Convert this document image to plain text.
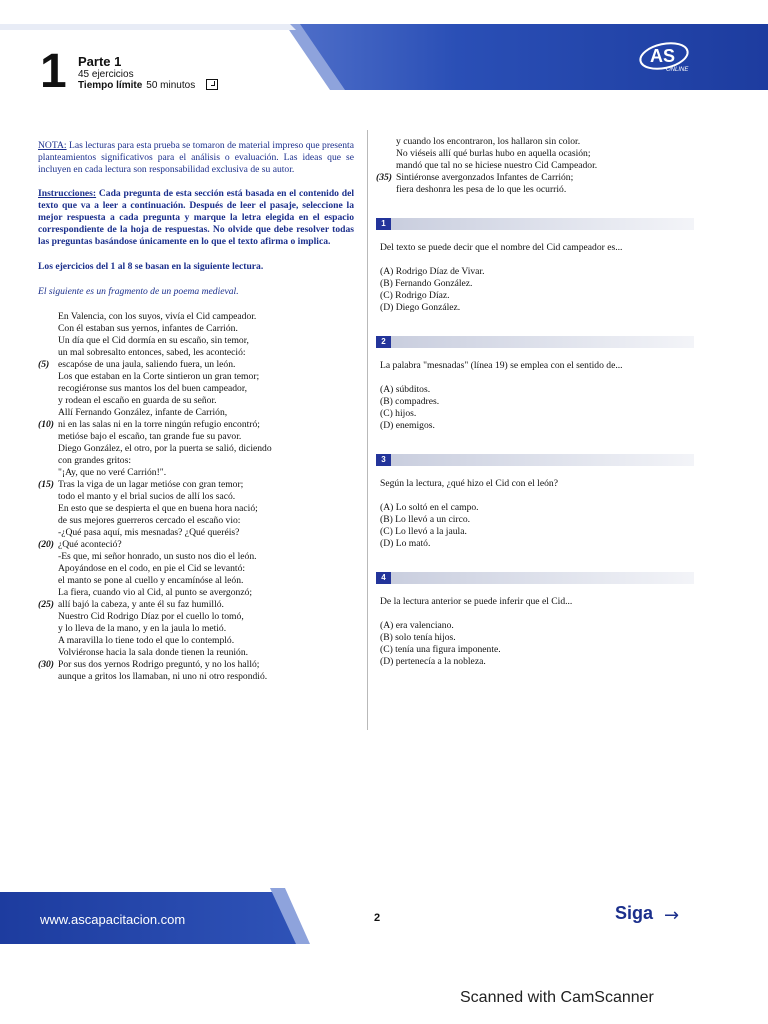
1 Parte 1
45 ejercicios
Tiempo límite 50 minutos
AS
ONLINE
NOTA: Las lecturas para esta prueba se tomaron de material impreso que presenta planteamientos significativos para el análisis o evaluación. Las ideas que se incluyen en cada lectura son responsabilidad exclusiva de su autor.
Instrucciones: Cada pregunta de esta sección está basada en el contenido del texto que va a leer a continuación. Después de leer el pasaje, seleccione la mejor respuesta a cada pregunta y marque la letra elegida en el espacio correspondiente de la hoja de respuestas. No olvide que debe resolver todas las preguntas basándose únicamente en lo que el texto afirma o implica.
Los ejercicios del 1 al 8 se basan en la siguiente lectura.
El siguiente es un fragmento de un poema medieval.
En Valencia, con los suyos, vivía el Cid campeador.
Con él estaban sus yernos, infantes de Carrión.
Un día que el Cid dormía en su escaño, sin temor,
un mal sobresalto entonces, sabed, les aconteció:
(5) escapóse de una jaula, saliendo fuera, un león.
Los que estaban en la Corte sintieron un gran temor;
recogiéronse sus mantos los del buen campeador,
y rodean el escaño en guarda de su señor.
Allí Fernando González, infante de Carrión,
(10) ni en las salas ni en la torre ningún refugio encontró;
metióse bajo el escaño, tan grande fue su pavor.
Diego González, el otro, por la puerta se salió, diciendo
con grandes gritos:
"¡Ay, que no veré Carrión!".
(15) Tras la viga de un lagar metióse con gran temor;
todo el manto y el brial sucios de allí los sacó.
En esto que se despierta el que en buena hora nació;
de sus mejores guerreros cercado el escaño vio:
-¿Qué pasa aquí, mis mesnadas? ¿Qué queréis?
(20) ¿Qué aconteció?
-Es que, mi señor honrado, un susto nos dio el león.
Apoyándose en el codo, en pie el Cid se levantó:
el manto se pone al cuello y encamínóse al león.
La fiera, cuando vio al Cid, al punto se avergonzó;
(25) allí bajó la cabeza, y ante él su faz humilló.
Nuestro Cid Rodrigo Díaz por el cuello lo tomó,
y lo lleva de la mano, y en la jaula lo metió.
A maravilla lo tiene todo el que lo contempló.
Volviéronse hacia la sala donde tienen la reunión.
(30) Por sus dos yernos Rodrigo preguntó, y no los halló;
aunque a gritos los llamaban, ni uno ni otro respondió.
y cuando los encontraron, los hallaron sin color.
No viéseis allí qué burlas hubo en aquella ocasión;
mandó que tal no se hiciese nuestro Cid Campeador.
(35) Sintiéronse avergonzados Infantes de Carrión;
fiera deshonra les pesa de lo que les ocurrió.
1
Del texto se puede decir que el nombre del Cid campeador es...
(A) Rodrigo Díaz de Vivar.
(B) Fernando González.
(C) Rodrigo Díaz.
(D) Diego González.
2
La palabra "mesnadas" (línea 19) se emplea con el sentido de...
(A) súbditos.
(B) compadres.
(C) hijos.
(D) enemigos.
3
Según la lectura, ¿qué hizo el Cid con el león?
(A) Lo soltó en el campo.
(B) Lo llevó a un circo.
(C) Lo llevó a la jaula.
(D) Lo mató.
4
De la lectura anterior se puede inferir que el Cid...
(A) era valenciano.
(B) solo tenía hijos.
(C) tenía una figura imponente.
(D) pertenecía a la nobleza.
www.ascapacitacion.com	2	Siga →
Scanned with CamScanner
